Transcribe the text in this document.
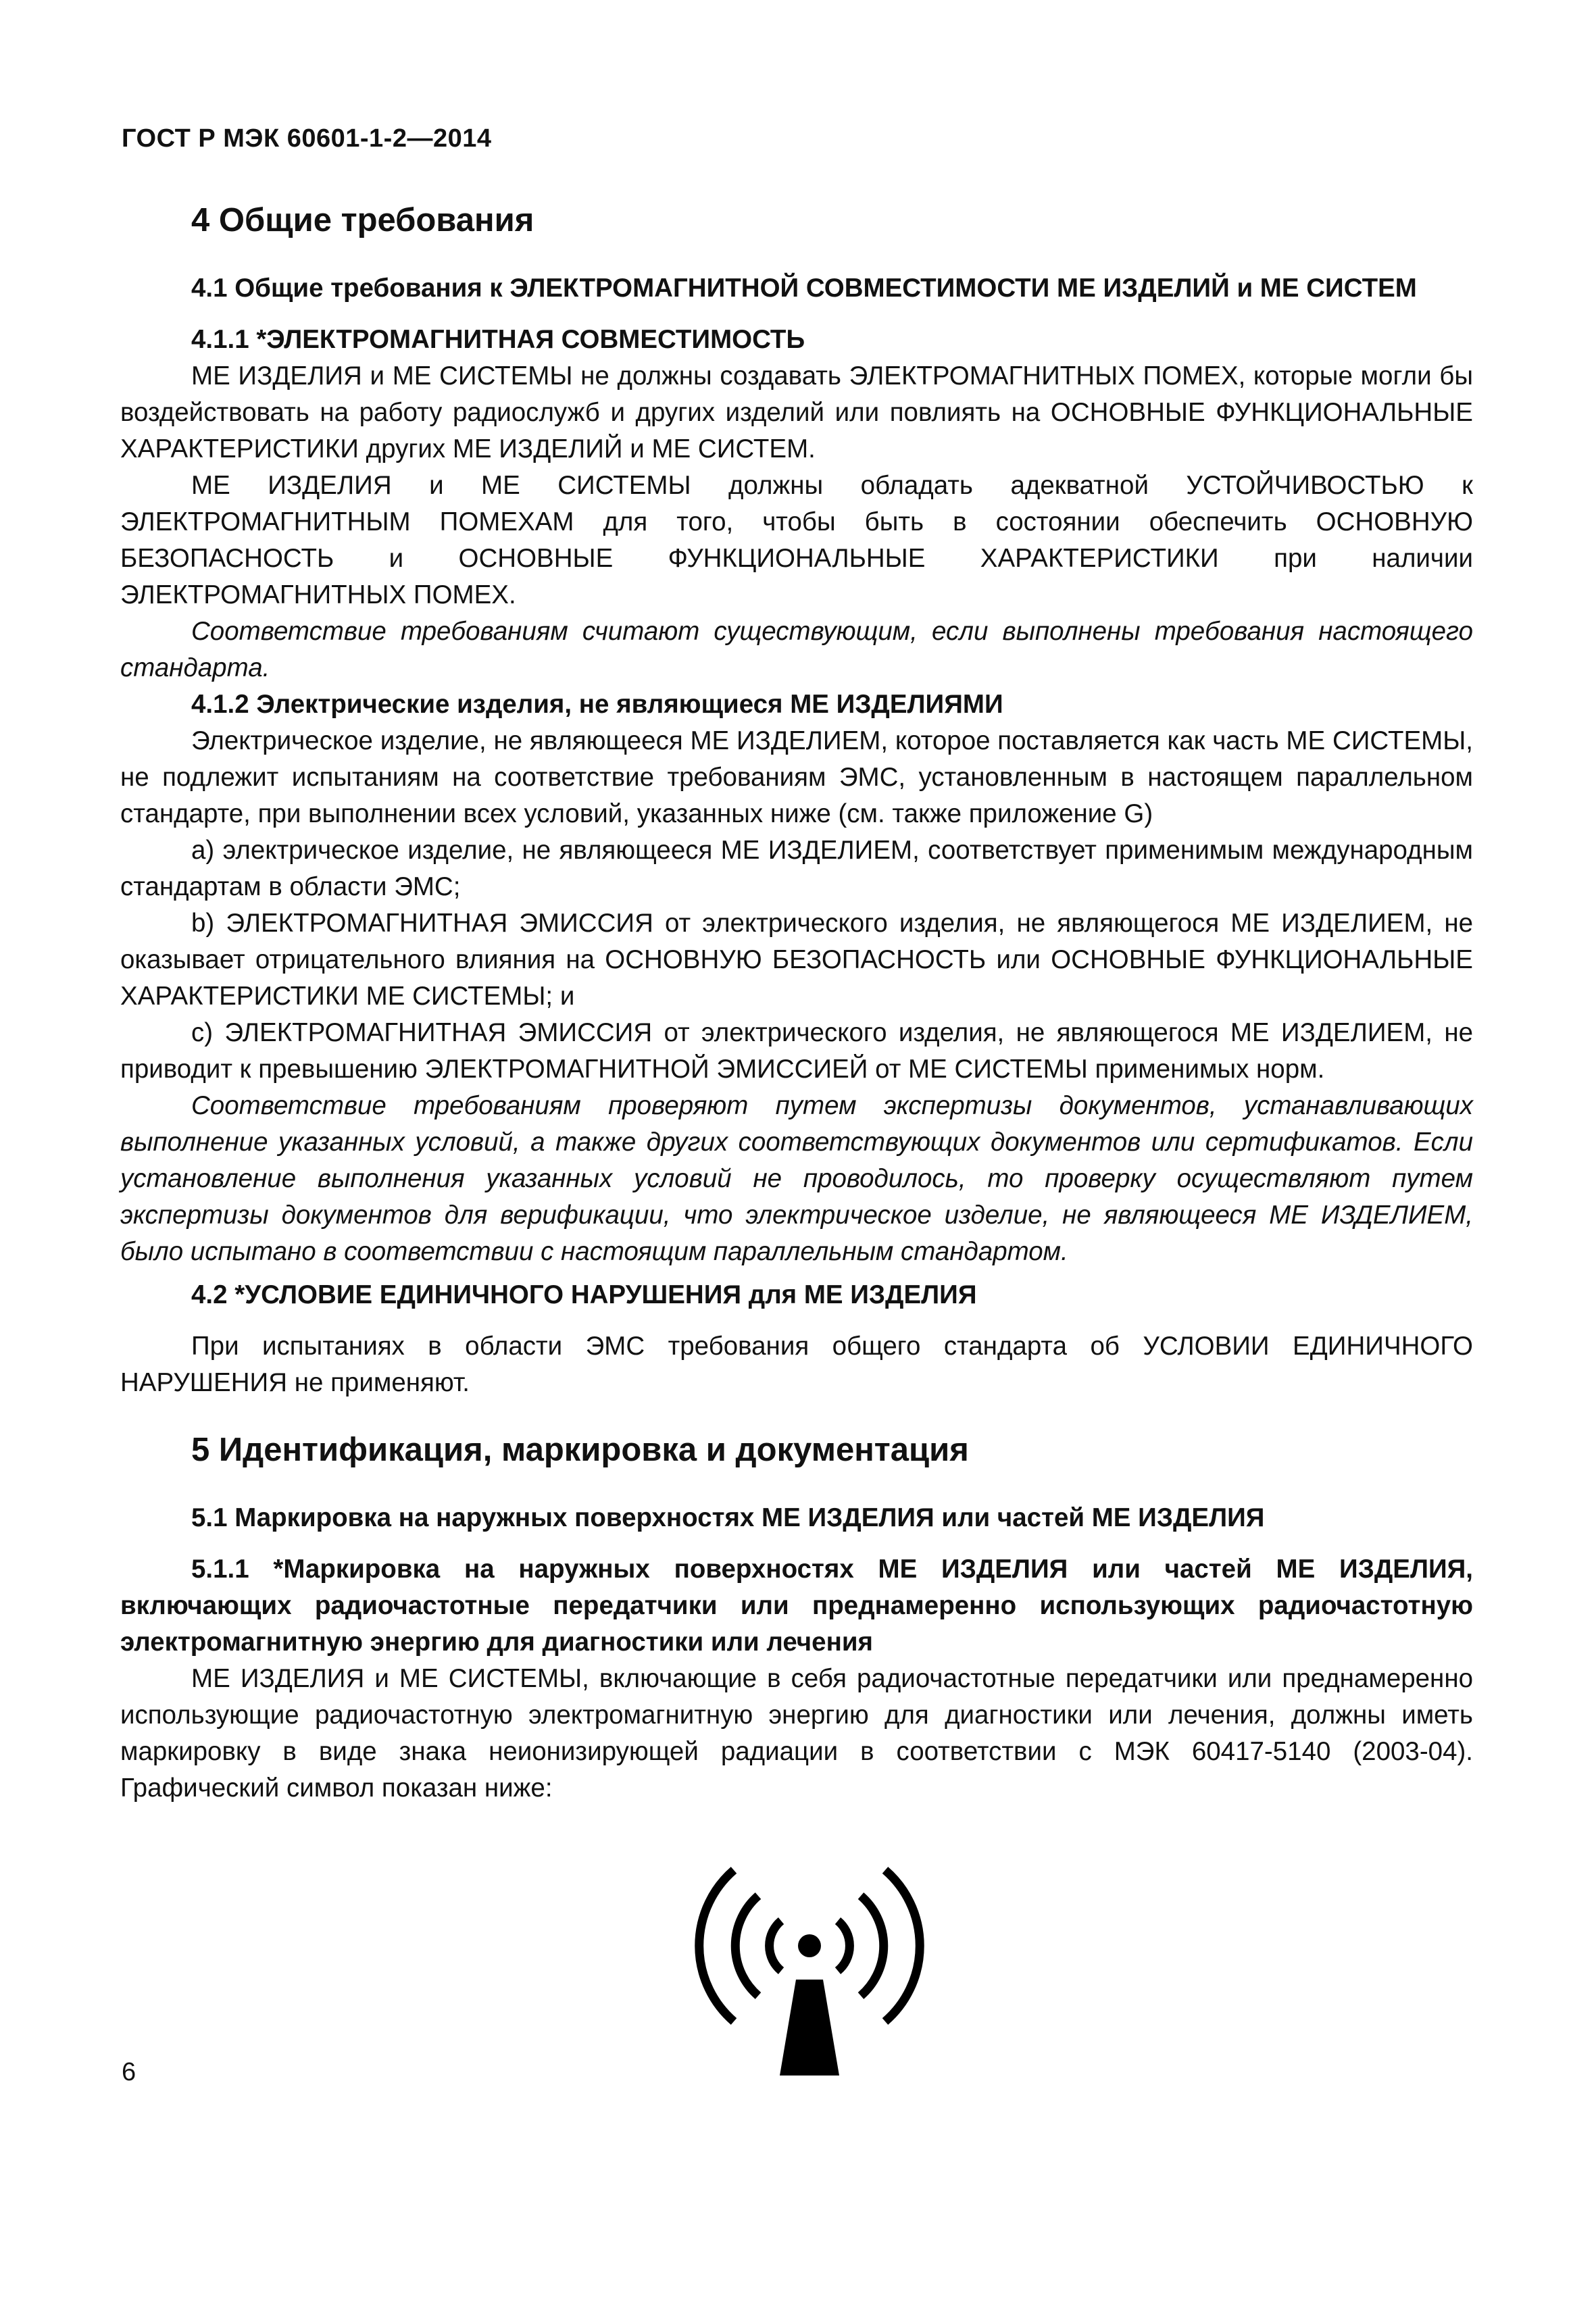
ГОСТ Р МЭК 60601-1-2—2014

4 Общие требования

4.1 Общие требования к ЭЛЕКТРОМАГНИТНОЙ СОВМЕСТИМОСТИ МЕ ИЗДЕЛИЙ и МЕ СИСТЕМ

4.1.1 *ЭЛЕКТРОМАГНИТНАЯ СОВМЕСТИМОСТЬ

МЕ ИЗДЕЛИЯ и МЕ СИСТЕМЫ не должны создавать ЭЛЕКТРОМАГНИТНЫХ ПОМЕХ, которые могли бы воздействовать на работу радиослужб и других изделий или повлиять на ОСНОВНЫЕ ФУНКЦИОНАЛЬНЫЕ ХАРАКТЕРИСТИКИ других МЕ ИЗДЕЛИЙ и МЕ СИСТЕМ.

МЕ ИЗДЕЛИЯ и МЕ СИСТЕМЫ должны обладать адекватной УСТОЙЧИВОСТЬЮ к ЭЛЕКТРОМАГНИТНЫМ ПОМЕХАМ для того, чтобы быть в состоянии обеспечить ОСНОВНУЮ БЕЗОПАСНОСТЬ и ОСНОВНЫЕ ФУНКЦИОНАЛЬНЫЕ ХАРАКТЕРИСТИКИ при наличии ЭЛЕКТРОМАГНИТНЫХ ПОМЕХ.

Соответствие требованиям считают существующим, если выполнены требования настоящего стандарта.

4.1.2 Электрические изделия, не являющиеся МЕ ИЗДЕЛИЯМИ

Электрическое изделие, не являющееся МЕ ИЗДЕЛИЕМ, которое поставляется как часть МЕ СИСТЕМЫ, не подлежит испытаниям на соответствие требованиям ЭМС, установленным в настоящем параллельном стандарте, при выполнении всех условий, указанных ниже (см. также приложение G)

a) электрическое изделие, не являющееся МЕ ИЗДЕЛИЕМ, соответствует применимым международным стандартам в области ЭМС;

b) ЭЛЕКТРОМАГНИТНАЯ ЭМИССИЯ от электрического изделия, не являющегося МЕ ИЗДЕЛИЕМ, не оказывает отрицательного влияния на ОСНОВНУЮ БЕЗОПАСНОСТЬ или ОСНОВНЫЕ ФУНКЦИОНАЛЬНЫЕ ХАРАКТЕРИСТИКИ МЕ СИСТЕМЫ; и

c) ЭЛЕКТРОМАГНИТНАЯ ЭМИССИЯ от электрического изделия, не являющегося МЕ ИЗДЕЛИЕМ, не приводит к превышению ЭЛЕКТРОМАГНИТНОЙ ЭМИССИЕЙ от МЕ СИСТЕМЫ применимых норм.

Соответствие требованиям проверяют путем экспертизы документов, устанавливающих выполнение указанных условий, а также других соответствующих документов или сертификатов. Если установление выполнения указанных условий не проводилось, то проверку осуществляют путем экспертизы документов для верификации, что электрическое изделие, не являющееся МЕ ИЗДЕЛИЕМ, было испытано в соответствии с настоящим параллельным стандартом.

4.2 *УСЛОВИЕ ЕДИНИЧНОГО НАРУШЕНИЯ для МЕ ИЗДЕЛИЯ

При испытаниях в области ЭМС требования общего стандарта об УСЛОВИИ ЕДИНИЧНОГО НАРУШЕНИЯ не применяют.

5 Идентификация, маркировка и документация

5.1 Маркировка на наружных поверхностях МЕ ИЗДЕЛИЯ или частей МЕ ИЗДЕЛИЯ

5.1.1 *Маркировка на наружных поверхностях МЕ ИЗДЕЛИЯ или частей МЕ ИЗДЕЛИЯ, включающих радиочастотные передатчики или преднамеренно использующих радиочастотную электромагнитную энергию для диагностики или лечения

МЕ ИЗДЕЛИЯ и МЕ СИСТЕМЫ, включающие в себя радиочастотные передатчики или преднамеренно использующие радиочастотную электромагнитную энергию для диагностики или лечения, должны иметь маркировку в виде знака неионизирующей радиации в соответствии с МЭК 60417-5140 (2003-04). Графический символ показан ниже:

6
